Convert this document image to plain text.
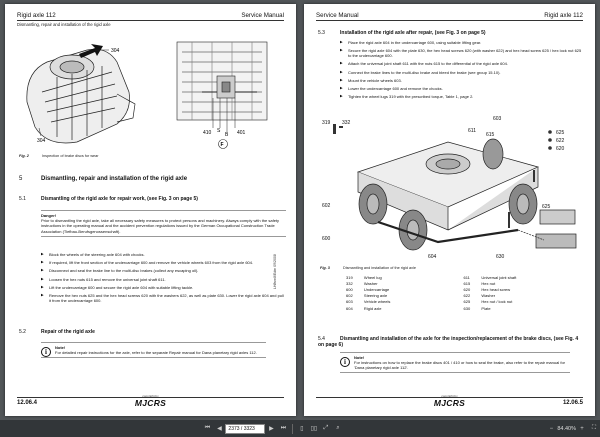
Rigid axle 112	Service Manual
Dismantling, repair and installation of the rigid axle
304
304
410 S
B 401
F
Fig. 2	Inspection of brake discs for wear
5	Dismantling, repair and installation of the rigid axle
5.1	Dismantling of the rigid axle for repair work, (see Fig. 3 on page 5)
Danger!
Prior to dismantling the rigid axle, take all necessary safety measures to protect persons and machinery. Always comply with the safety instructions in the operating manual and the accident prevention regulations issued by the German Occupational Construction Trade Association (Tiefbau-Berufsgenossenschaft).
▶ Block the wheels of the steering axle 604 with chocks.
▶ If required, lift the front section of the undercarriage 600 and remove the vehicle wheels 603 from the rigid axle 604.
▶ Disconnect and seal the brake line to the multi-disc brakes (collect any escaping oil).
▶ Loosen the hex nuts 615 and remove the universal joint shaft 611.
▶ Lift the undercarriage 600 and secure the rigid axle 604 with suitable lifting tackle.
▶ Remove the hex nuts 625 and the hex head screws 620 with the washers 622, as well as plate 630. Lower the rigid axle 604 and pull it from the undercarriage 600.
5.2	Repair of the rigid axle
i
Note!
For detailed repair instructions for the axle, refer to the separate Repair manual for Dana planetary rigid axles 112.
LH8vm8/Edm 09/2008
copyright by
MJCRS
12.06.4
Service Manual	Rigid axle 112
5.3	Installation of the rigid axle after repair, (see Fig. 3 on page 5)
▶ Place the rigid axle 604 in the undercarriage 600, using suitable lifting gear.
▶ Secure the rigid axle 604 with the plate 630, the hex head screws 620 (with washer 622) and hex head screw 625 / hex lock nut 625 to the undercarriage 600.
▶ Attach the universal joint shaft 611 with the nuts 615 to the differential of the rigid axle 604.
▶ Connect the brake lines to the multi-disc brake and bleed the brake (see group 15.10).
▶ Mount the vehicle wheels 603.
▶ Lower the undercarriage 600 and remove the chocks.
▶ Tighten the wheel lugs 319 with the prescribed torque, Table 1, page 2.
319 332
603
611
615	625
622
620
602
604
600
630
625
Fig. 3	Dismantling and installation of the rigid axle
319	Wheel lug	611	Universal joint shaft
332	Washer	615	Hex nut
600	Undercarriage	620	Hex head screw
602	Steering axle	622	Washer
603	Vehicle wheels	625	Hex nut / lock nut
604	Rigid axle	630	Plate
5.4	Dismantling and installation of the axle for the inspection/replacement of the brake discs, (see Fig. 4 on page 6)
i
Note!
For instructions on how to replace the brake discs 401 / 410 or how to seal the brake, also refer to the repair manual for 'Dana planetary rigid axle 112'.
copyright by
MJCRS	12.06.5
⏮	◀	2373 / 3323	▶	⏭	▯	▯▯	⤢	⌕	− 84.40% +	⛶
